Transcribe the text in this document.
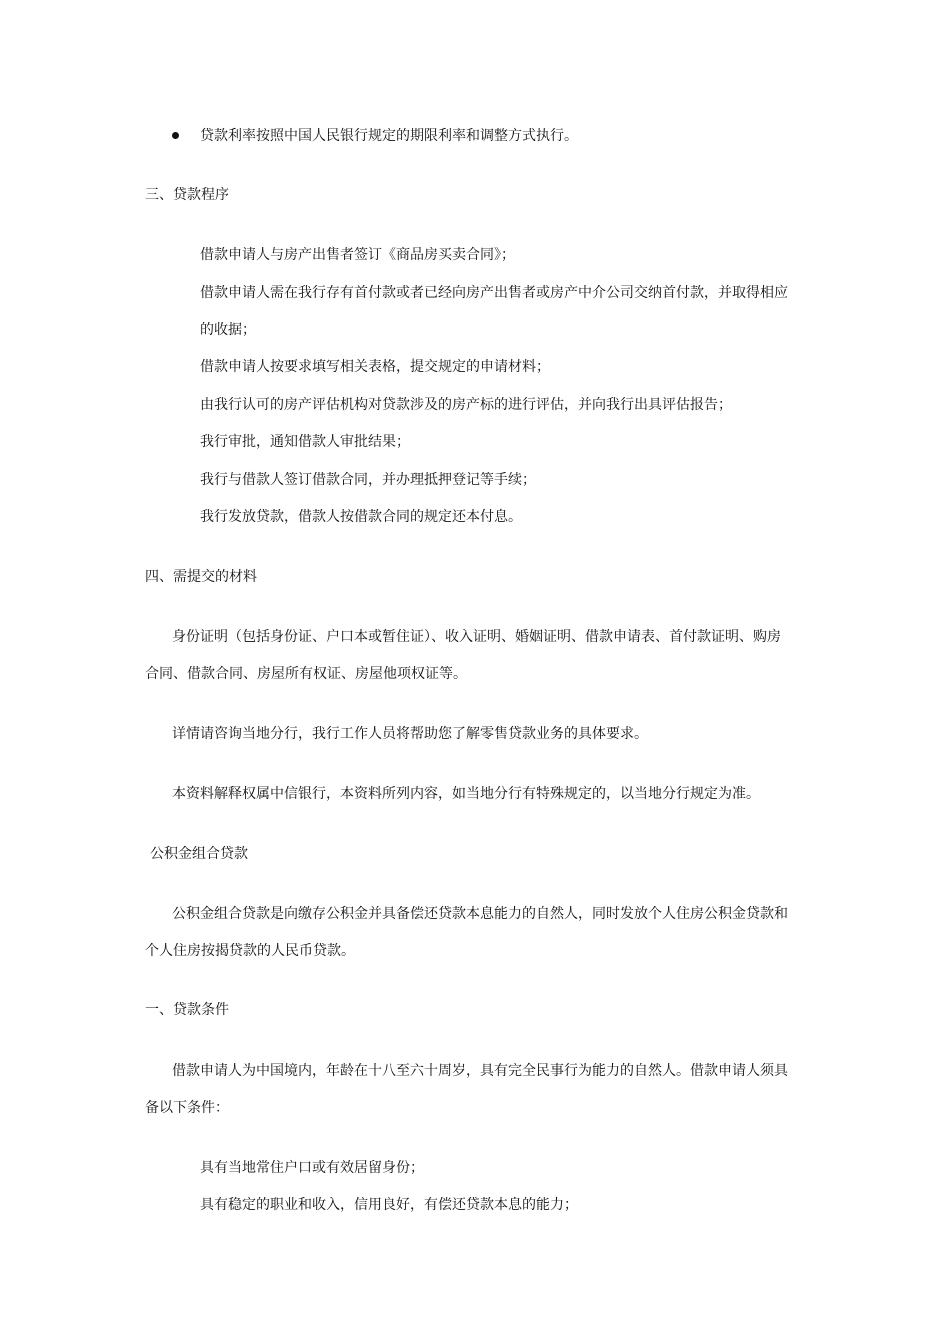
贷款利率按照中国人民银行规定的期限利率和调整方式执行。

三、贷款程序

借款申请人与房产出售者签订《商品房买卖合同》；

借款申请人需在我行存有首付款或者已经向房产出售者或房产中介公司交纳首付款，并取得相应

的收据；

借款申请人按要求填写相关表格，提交规定的申请材料；

由我行认可的房产评估机构对贷款涉及的房产标的进行评估，并向我行出具评估报告；

我行审批，通知借款人审批结果；

我行与借款人签订借款合同，并办理抵押登记等手续；

我行发放贷款，借款人按借款合同的规定还本付息。

四、需提交的材料

身份证明（包括身份证、户口本或暂住证）、收入证明、婚姻证明、借款申请表、首付款证明、购房

合同、借款合同、房屋所有权证、房屋他项权证等。

详情请咨询当地分行，我行工作人员将帮助您了解零售贷款业务的具体要求。

本资料解释权属中信银行，本资料所列内容，如当地分行有特殊规定的，以当地分行规定为准。

公积金组合贷款

公积金组合贷款是向缴存公积金并具备偿还贷款本息能力的自然人，同时发放个人住房公积金贷款和

个人住房按揭贷款的人民币贷款。

一、贷款条件

借款申请人为中国境内，年龄在十八至六十周岁，具有完全民事行为能力的自然人。借款申请人须具

备以下条件：

具有当地常住户口或有效居留身份；

具有稳定的职业和收入，信用良好，有偿还贷款本息的能力；
